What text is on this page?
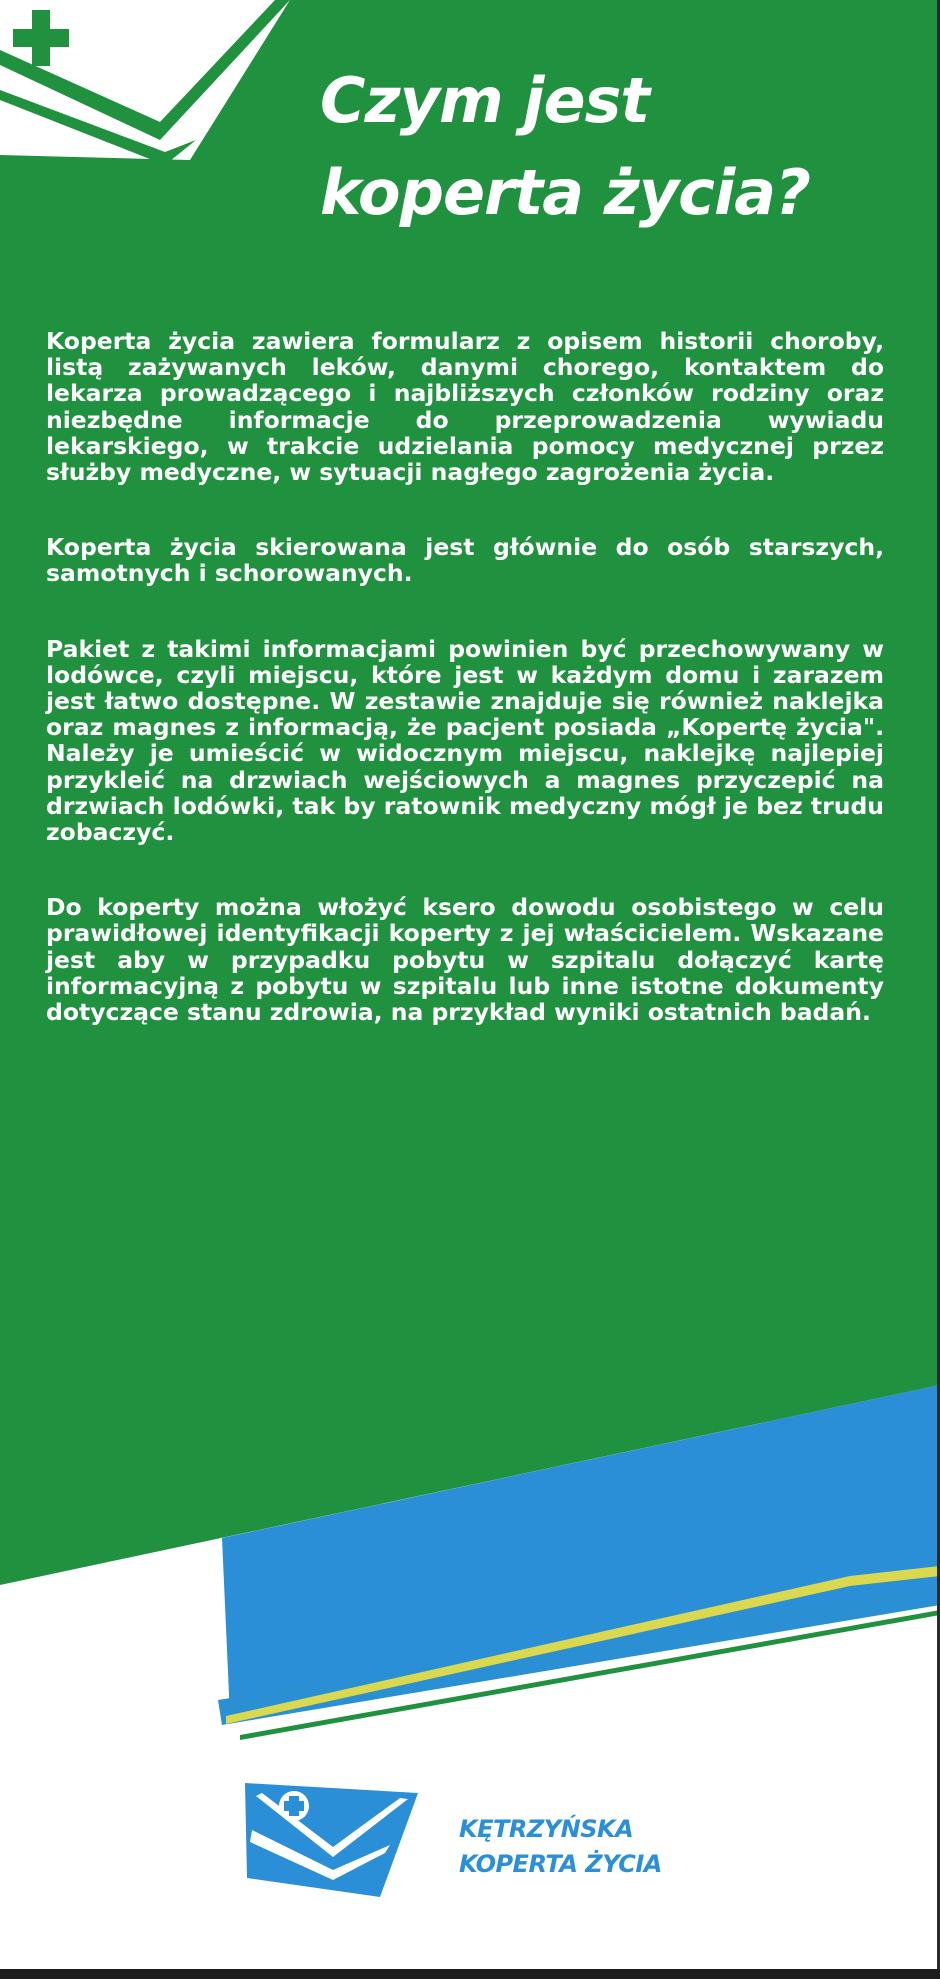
Czym jest
koperta życia?

Koperta życia zawiera formularz z opisem historii choroby, listą zażywanych leków, danymi chorego, kontaktem do lekarza prowadzącego i najbliższych członków rodziny oraz niezbędne informacje do przeprowadzenia wywiadu lekarskiego, w trakcie udzielania pomocy medycznej przez służby medyczne, w sytuacji nagłego zagrożenia życia.

Koperta życia skierowana jest głównie do osób starszych, samotnych i schorowanych.

Pakiet z takimi informacjami powinien być przechowywany w lodówce, czyli miejscu, które jest w każdym domu i zarazem jest łatwo dostępne. W zestawie znajduje się również naklejka oraz magnes z informacją, że pacjent posiada „Kopertę życia". Należy je umieścić w widocznym miejscu, naklejkę najlepiej przykleić na drzwiach wejściowych a magnes przyczepić na drzwiach lodówki, tak by ratownik medyczny mógł je bez trudu zobaczyć.

Do koperty można włożyć ksero dowodu osobistego w celu prawidłowej identyfikacji koperty z jej właścicielem. Wskazane jest aby w przypadku pobytu w szpitalu dołączyć kartę informacyjną z pobytu w szpitalu lub inne istotne dokumenty dotyczące stanu zdrowia, na przykład wyniki ostatnich badań.

KĘTRZYŃSKA
KOPERTA ŻYCIA
